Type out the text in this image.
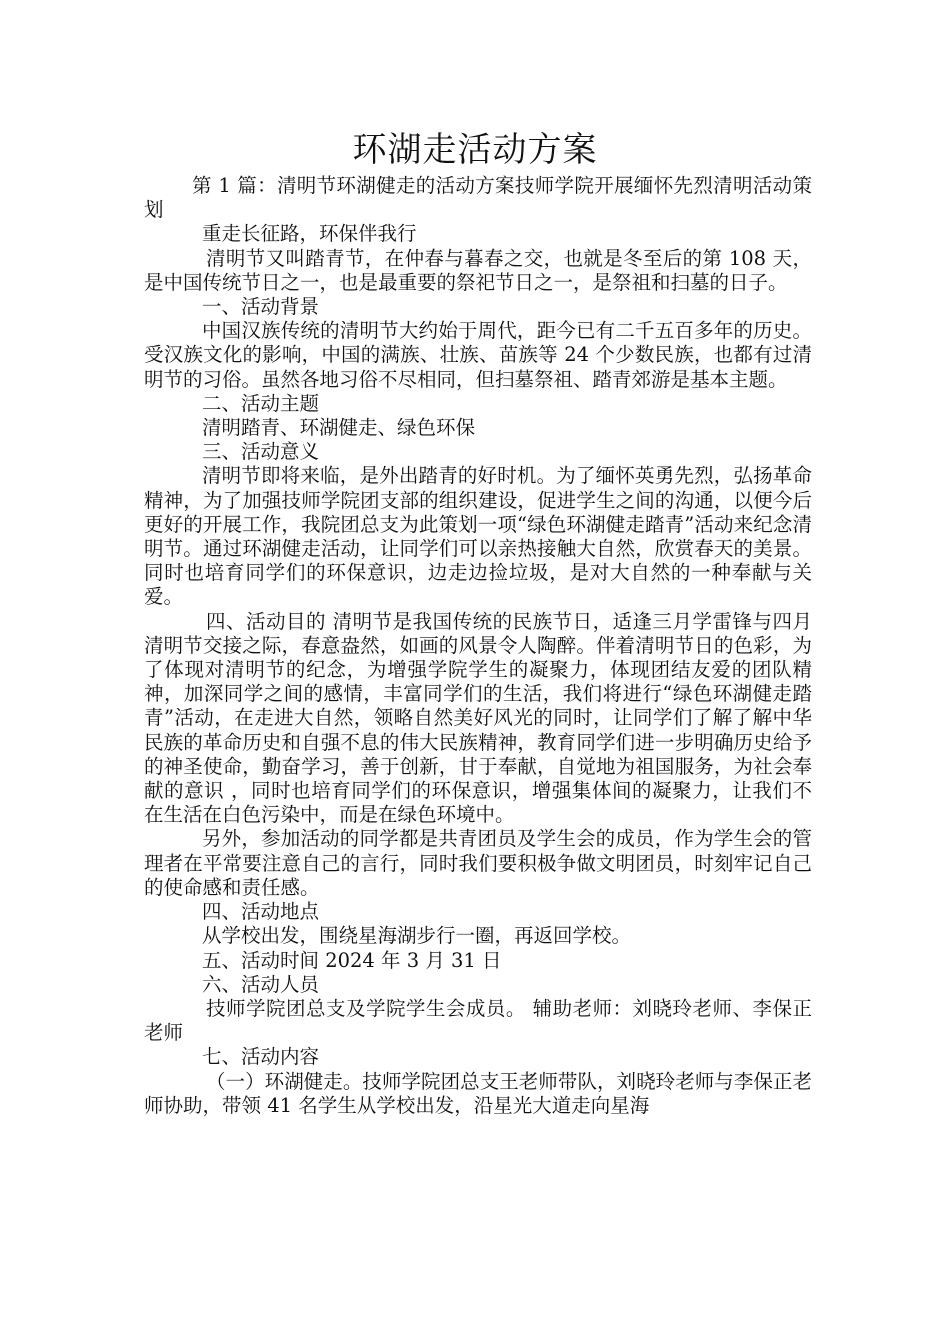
环湖走活动方案

第 1 篇：清明节环湖健走的活动方案技师学院开展缅怀先烈清明活动策划

重走长征路，环保伴我行

清明节又叫踏青节，在仲春与暮春之交，也就是冬至后的第 108 天，是中国传统节日之一，也是最重要的祭祀节日之一，是祭祖和扫墓的日子。

一、活动背景

中国汉族传统的清明节大约始于周代，距今已有二千五百多年的历史。受汉族文化的影响，中国的满族、壮族、苗族等 24 个少数民族，也都有过清明节的习俗。虽然各地习俗不尽相同，但扫墓祭祖、踏青郊游是基本主题。

二、活动主题

清明踏青、环湖健走、绿色环保

三、活动意义

清明节即将来临，是外出踏青的好时机。为了缅怀英勇先烈，弘扬革命精神，为了加强技师学院团支部的组织建设，促进学生之间的沟通，以便今后更好的开展工作，我院团总支为此策划一项“绿色环湖健走踏青”活动来纪念清明节。通过环湖健走活动，让同学们可以亲热接触大自然，欣赏春天的美景。同时也培育同学们的环保意识，边走边捡垃圾，是对大自然的一种奉献与关爱。

四、活动目的 清明节是我国传统的民族节日，适逢三月学雷锋与四月清明节交接之际，春意盎然，如画的风景令人陶醉。伴着清明节日的色彩，为了体现对清明节的纪念，为增强学院学生的凝聚力，体现团结友爱的团队精神，加深同学之间的感情，丰富同学们的生活，我们将进行“绿色环湖健走踏青”活动，在走进大自然，领略自然美好风光的同时，让同学们了解了解中华民族的革命历史和自强不息的伟大民族精神，教育同学们进一步明确历史给予的神圣使命，勤奋学习，善于创新，甘于奉献，自觉地为祖国服务，为社会奉献的意识 ，同时也培育同学们的环保意识，增强集体间的凝聚力，让我们不在生活在白色污染中，而是在绿色环境中。

另外，参加活动的同学都是共青团员及学生会的成员，作为学生会的管理者在平常要注意自己的言行，同时我们要积极争做文明团员，时刻牢记自己的使命感和责任感。

四、活动地点

从学校出发，围绕星海湖步行一圈，再返回学校。

五、活动时间 2024 年 3 月 31 日

六、活动人员

技师学院团总支及学院学生会成员。 辅助老师：刘晓玲老师、李保正老师

七、活动内容

（一）环湖健走。技师学院团总支王老师带队，刘晓玲老师与李保正老师协助，带领 41 名学生从学校出发，沿星光大道走向星海
